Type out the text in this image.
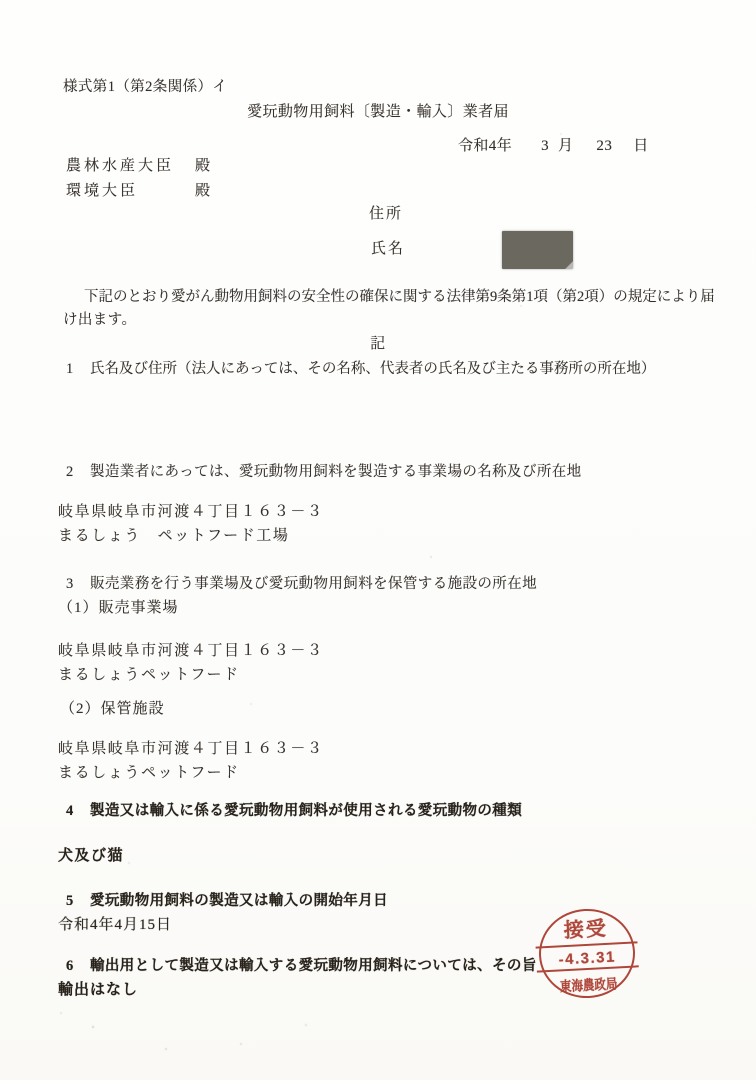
様式第1（第2条関係）イ
愛玩動物用飼料〔製造・輸入〕業者届
令和4年 3 月 23 日
農林水産大臣 殿
環境大臣	殿
住所
氏名
下記のとおり愛がん動物用飼料の安全性の確保に関する法律第9条第1項（第2項）の規定により届
け出ます。
記
1 氏名及び住所（法人にあっては、その名称、代表者の氏名及び主たる事務所の所在地）
2 製造業者にあっては、愛玩動物用飼料を製造する事業場の名称及び所在地
岐阜県岐阜市河渡４丁目１６３－３
まるしょう　ペットフード工場
3 販売業務を行う事業場及び愛玩動物用飼料を保管する施設の所在地
（1）販売事業場
岐阜県岐阜市河渡４丁目１６３－３
まるしょうペットフード
（2）保管施設
岐阜県岐阜市河渡４丁目１６３－３
まるしょうペットフード
4 製造又は輸入に係る愛玩動物用飼料が使用される愛玩動物の種類
犬及び猫
5 愛玩動物用飼料の製造又は輸入の開始年月日
令和4年4月15日
6 輸出用として製造又は輸入する愛玩動物用飼料については、その旨
輸出はなし
接受
-4.3.31
東海農政局
